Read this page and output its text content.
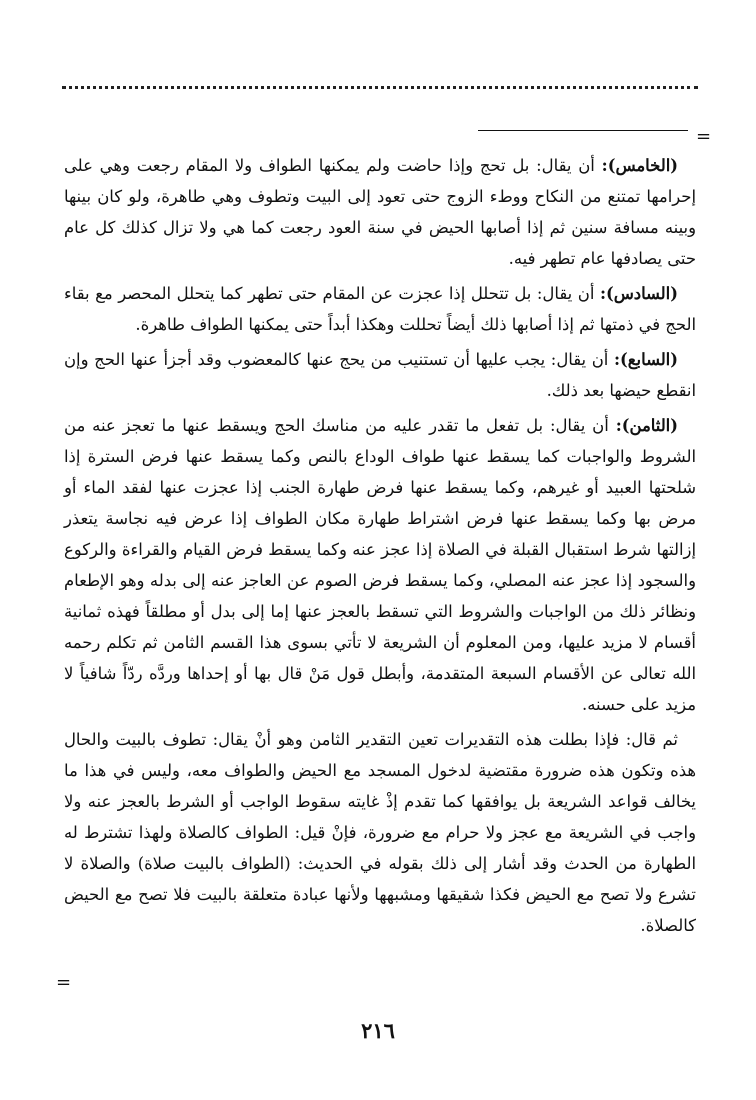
=

(الخامس): أن يقال: بل تحج وإذا حاضت ولم يمكنها الطواف ولا المقام رجعت وهي على إحرامها تمتنع من النكاح ووطء الزوج حتى تعود إلى البيت وتطوف وهي طاهرة، ولو كان بينها وبينه مسافة سنين ثم إذا أصابها الحيض في سنة العود رجعت كما هي ولا تزال كذلك كل عام حتى يصادفها عام تطهر فيه.

(السادس): أن يقال: بل تتحلل إذا عجزت عن المقام حتى تطهر كما يتحلل المحصر مع بقاء الحج في ذمتها ثم إذا أصابها ذلك أيضاً تحللت وهكذا أبداً حتى يمكنها الطواف طاهرة.

(السابع): أن يقال: يجب عليها أن تستنيب من يحج عنها كالمعضوب وقد أجزأ عنها الحج وإن انقطع حيضها بعد ذلك.

(الثامن): أن يقال: بل تفعل ما تقدر عليه من مناسك الحج ويسقط عنها ما تعجز عنه من الشروط والواجبات كما يسقط عنها طواف الوداع بالنص وكما يسقط عنها فرض السترة إذا شلحتها العبيد أو غيرهم، وكما يسقط عنها فرض طهارة الجنب إذا عجزت عنها لفقد الماء أو مرض بها وكما يسقط عنها فرض اشتراط طهارة مكان الطواف إذا عرض فيه نجاسة يتعذر إزالتها شرط استقبال القبلة في الصلاة إذا عجز عنه وكما يسقط فرض القيام والقراءة والركوع والسجود إذا عجز عنه المصلي، وكما يسقط فرض الصوم عن العاجز عنه إلى بدله وهو الإطعام ونظائر ذلك من الواجبات والشروط التي تسقط بالعجز عنها إما إلى بدل أو مطلقاً فهذه ثمانية أقسام لا مزيد عليها، ومن المعلوم أن الشريعة لا تأتي بسوى هذا القسم الثامن ثم تكلم رحمه الله تعالى عن الأقسام السبعة المتقدمة، وأبطل قول مَنْ قال بها أو إحداها وردَّه ردّاً شافياً لا مزيد على حسنه.

ثم قال: فإذا بطلت هذه التقديرات تعين التقدير الثامن وهو أنْ يقال: تطوف بالبيت والحال هذه وتكون هذه ضرورة مقتضية لدخول المسجد مع الحيض والطواف معه، وليس في هذا ما يخالف قواعد الشريعة بل يوافقها كما تقدم إذْ غايته سقوط الواجب أو الشرط بالعجز عنه ولا واجب في الشريعة مع عجز ولا حرام مع ضرورة، فإنْ قيل: الطواف كالصلاة ولهذا تشترط له الطهارة من الحدث وقد أشار إلى ذلك بقوله في الحديث: (الطواف بالبيت صلاة) والصلاة لا تشرع ولا تصح مع الحيض فكذا شقيقها ومشبهها ولأنها عبادة متعلقة بالبيت فلا تصح مع الحيض كالصلاة.

=
٢١٦
